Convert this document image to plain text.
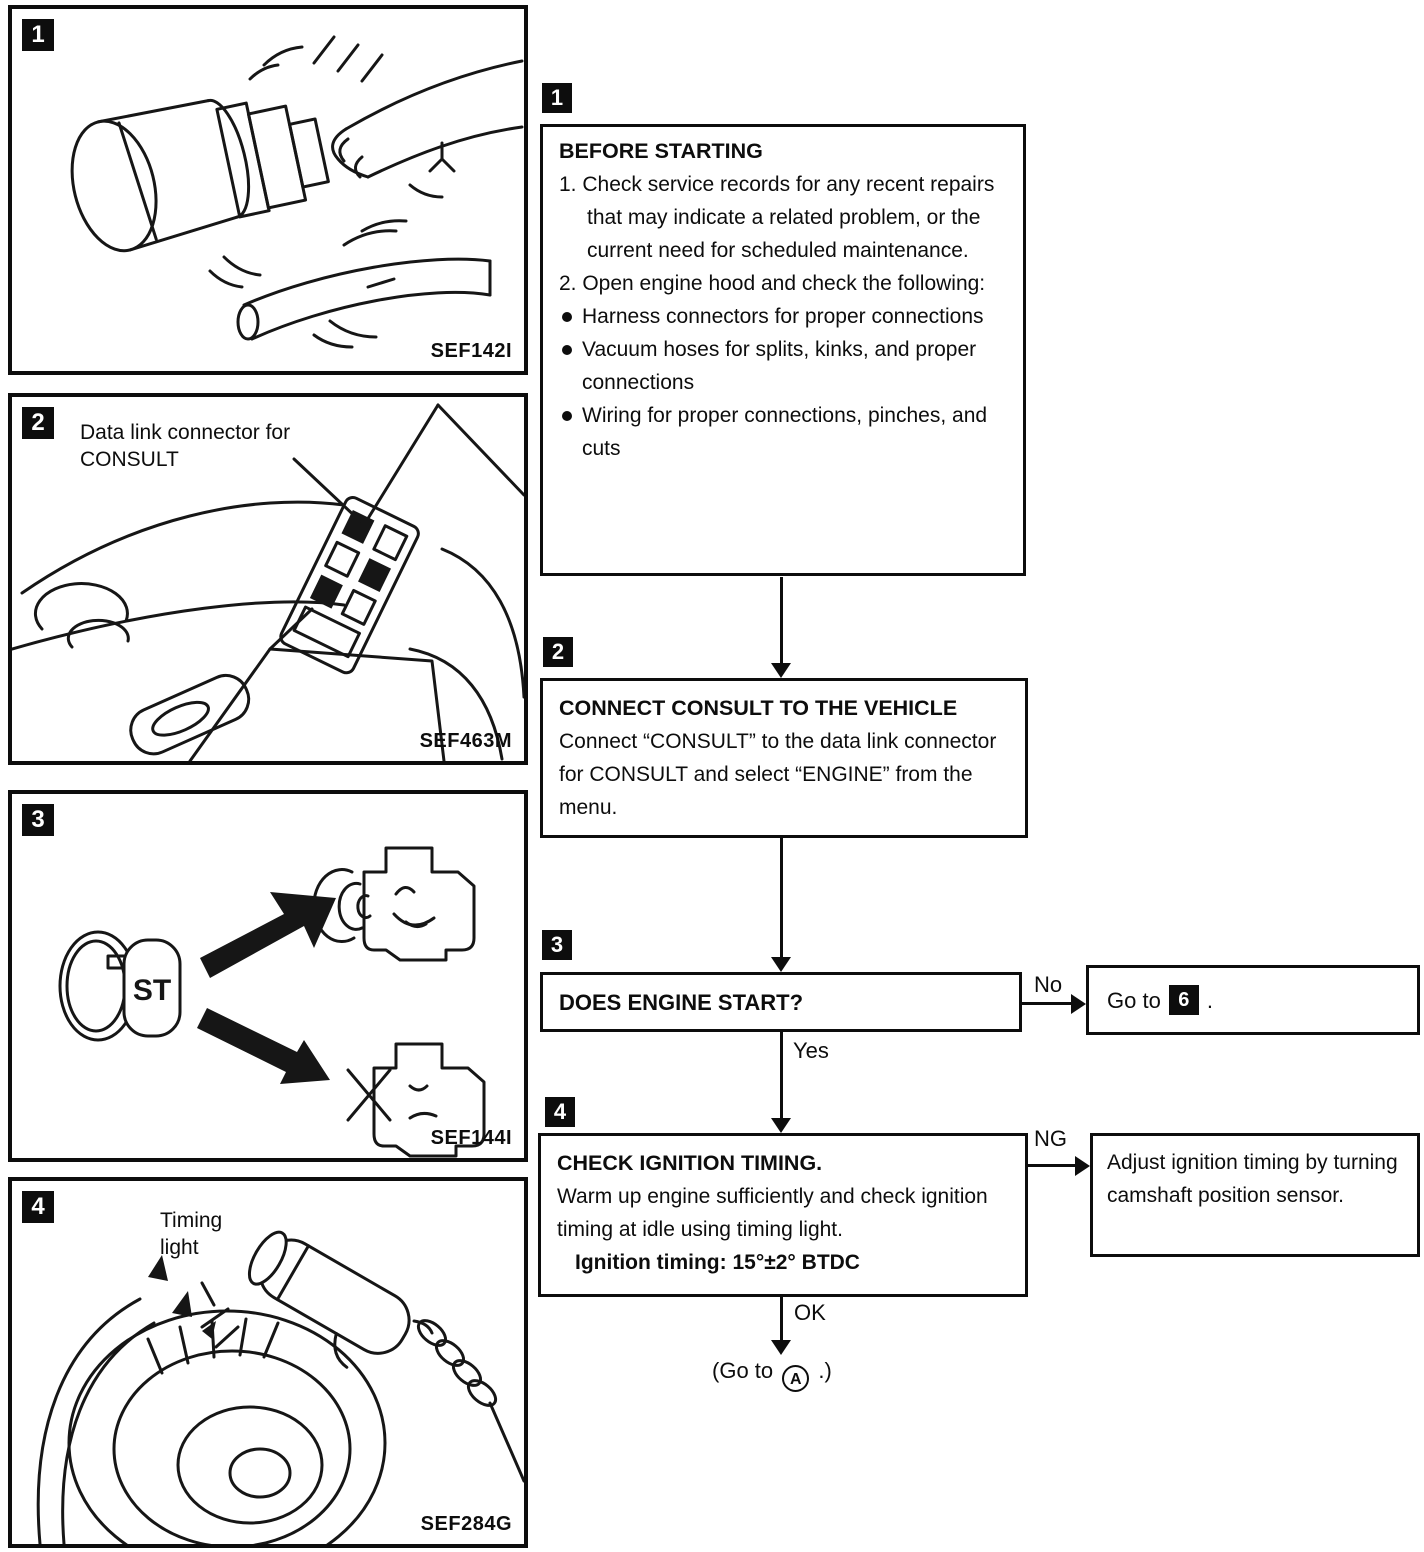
1
SEF142I
Data link connector for CONSULT
2
SEF463M
ST
3
SEF144I
Timing light
4
SEF284G
1
BEFORE STARTING
1. Check service records for any recent repairs that may indicate a related problem, or the current need for scheduled maintenance.
2. Open engine hood and check the following:
Harness connectors for proper connections
Vacuum hoses for splits, kinks, and proper connections
Wiring for proper connections, pinches, and cuts
2
CONNECT CONSULT TO THE VEHICLE
Connect “CONSULT” to the data link connector for CONSULT and select “ENGINE” from the menu.
3
DOES ENGINE START?
No
Go to 6 .
Yes
4
CHECK IGNITION TIMING.
Warm up engine sufficiently and check ignition timing at idle using timing light.
Ignition timing: 15°±2° BTDC
NG
Adjust ignition timing by turning camshaft position sensor.
OK
(Go to A .)
